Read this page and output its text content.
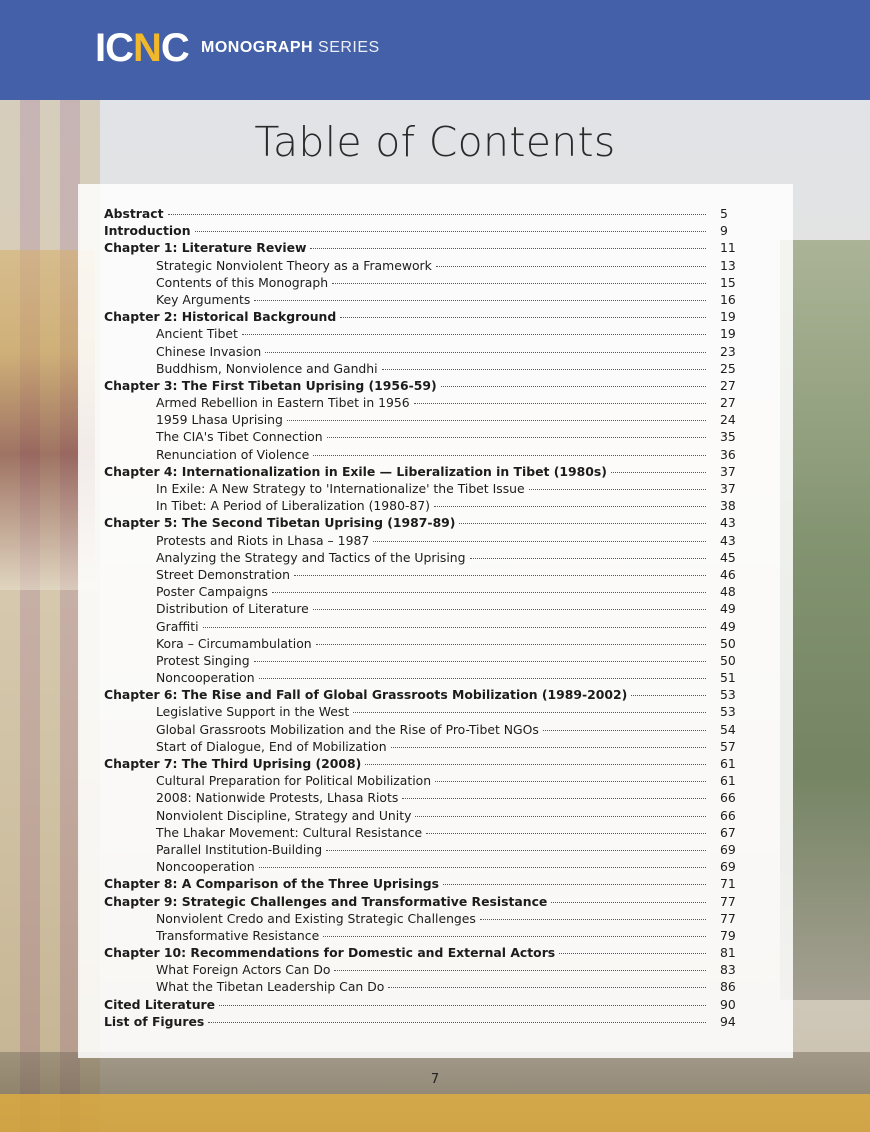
ICNC MONOGRAPH SERIES
Table of Contents
Abstract	5
Introduction	9
Chapter 1: Literature Review	11
Strategic Nonviolent Theory as a Framework	13
Contents of this Monograph	15
Key Arguments	16
Chapter 2: Historical Background	19
Ancient Tibet	19
Chinese Invasion	23
Buddhism, Nonviolence and Gandhi	25
Chapter 3: The First Tibetan Uprising (1956-59)	27
Armed Rebellion in Eastern Tibet in 1956	27
1959 Lhasa Uprising	24
The CIA's Tibet Connection	35
Renunciation of Violence	36
Chapter 4: Internationalization in Exile — Liberalization in Tibet (1980s)	37
In Exile: A New Strategy to 'Internationalize' the Tibet Issue	37
In Tibet: A Period of Liberalization (1980-87)	38
Chapter 5: The Second Tibetan Uprising (1987-89)	43
Protests and Riots in Lhasa – 1987	43
Analyzing the Strategy and Tactics of the Uprising	45
Street Demonstration	46
Poster Campaigns	48
Distribution of Literature	49
Graffiti	49
Kora – Circumambulation	50
Protest Singing	50
Noncooperation	51
Chapter 6: The Rise and Fall of Global Grassroots Mobilization (1989-2002)	53
Legislative Support in the West	53
Global Grassroots Mobilization and the Rise of Pro-Tibet NGOs	54
Start of Dialogue, End of Mobilization	57
Chapter 7: The Third Uprising (2008)	61
Cultural Preparation for Political Mobilization	61
2008: Nationwide Protests, Lhasa Riots	66
Nonviolent Discipline, Strategy and Unity	66
The Lhakar Movement: Cultural Resistance	67
Parallel Institution-Building	69
Noncooperation	69
Chapter 8: A Comparison of the Three Uprisings	71
Chapter 9: Strategic Challenges and Transformative Resistance	77
Nonviolent Credo and Existing Strategic Challenges	77
Transformative Resistance	79
Chapter 10: Recommendations for Domestic and External Actors	81
What Foreign Actors Can Do	83
What the Tibetan Leadership Can Do	86
Cited Literature	90
List of Figures	94
7
